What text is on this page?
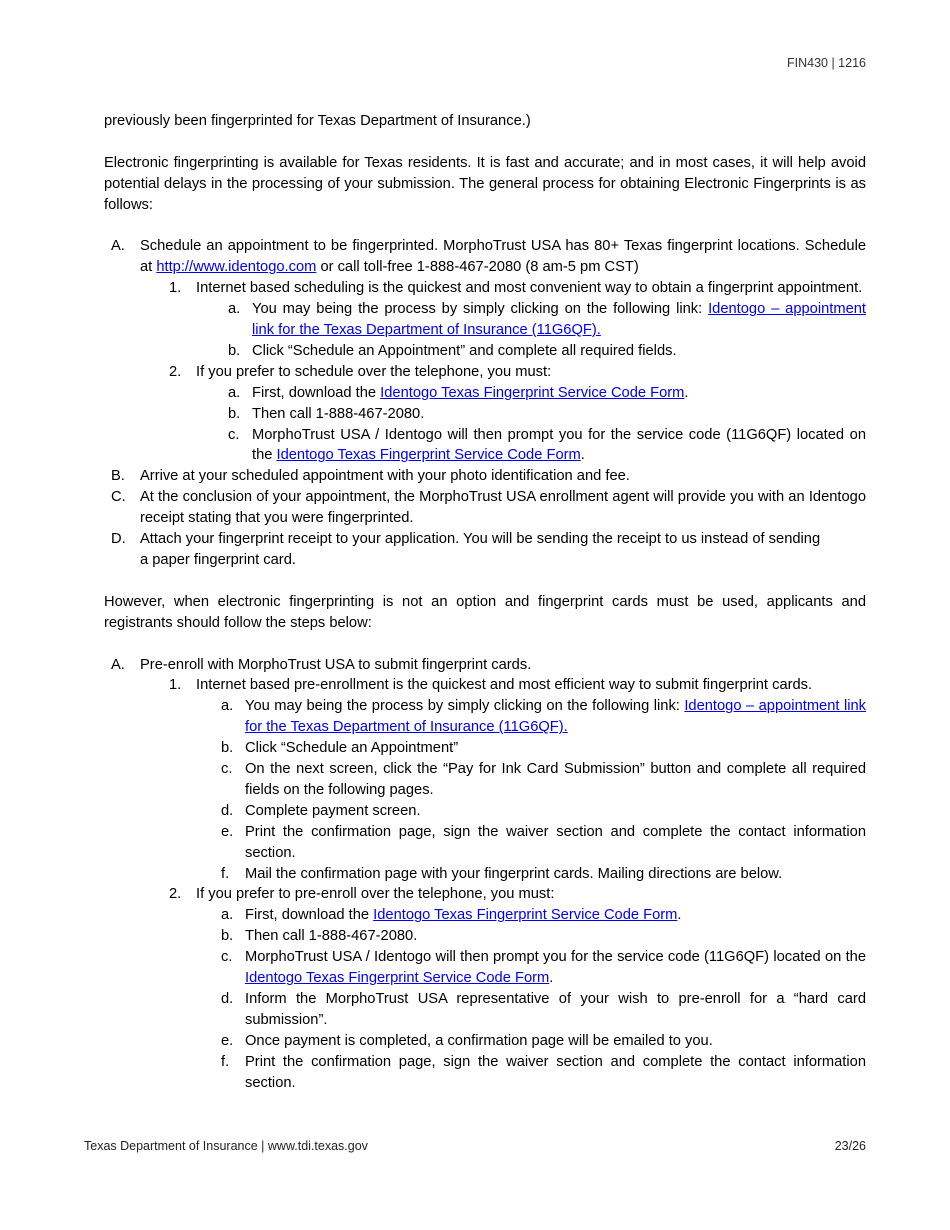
FIN430 | 1216

previously been fingerprinted for Texas Department of Insurance.)

Electronic fingerprinting is available for Texas residents. It is fast and accurate; and in most cases, it will help avoid potential delays in the processing of your submission. The general process for obtaining Electronic Fingerprints is as follows:

A. Schedule an appointment to be fingerprinted. MorphoTrust USA has 80+ Texas fingerprint locations. Schedule at http://www.identogo.com or call toll-free 1-888-467-2080 (8 am-5 pm CST)
1. Internet based scheduling is the quickest and most convenient way to obtain a fingerprint appointment.
a. You may being the process by simply clicking on the following link: Identogo – appointment link for the Texas Department of Insurance (11G6QF).
b. Click “Schedule an Appointment” and complete all required fields.
2. If you prefer to schedule over the telephone, you must:
a. First, download the Identogo Texas Fingerprint Service Code Form.
b. Then call 1-888-467-2080.
c. MorphoTrust USA / Identogo will then prompt you for the service code (11G6QF) located on the Identogo Texas Fingerprint Service Code Form.
B. Arrive at your scheduled appointment with your photo identification and fee.
C. At the conclusion of your appointment, the MorphoTrust USA enrollment agent will provide you with an Identogo receipt stating that you were fingerprinted.
D. Attach your fingerprint receipt to your application. You will be sending the receipt to us instead of sending a paper fingerprint card.

However, when electronic fingerprinting is not an option and fingerprint cards must be used, applicants and registrants should follow the steps below:

A. Pre-enroll with MorphoTrust USA to submit fingerprint cards.
1. Internet based pre-enrollment is the quickest and most efficient way to submit fingerprint cards.
a. You may being the process by simply clicking on the following link: Identogo – appointment link for the Texas Department of Insurance (11G6QF).
b. Click “Schedule an Appointment”
c. On the next screen, click the “Pay for Ink Card Submission” button and complete all required fields on the following pages.
d. Complete payment screen.
e. Print the confirmation page, sign the waiver section and complete the contact information section.
f. Mail the confirmation page with your fingerprint cards. Mailing directions are below.
2. If you prefer to pre-enroll over the telephone, you must:
a. First, download the Identogo Texas Fingerprint Service Code Form.
b. Then call 1-888-467-2080.
c. MorphoTrust USA / Identogo will then prompt you for the service code (11G6QF) located on the Identogo Texas Fingerprint Service Code Form.
d. Inform the MorphoTrust USA representative of your wish to pre-enroll for a “hard card submission”.
e. Once payment is completed, a confirmation page will be emailed to you.
f. Print the confirmation page, sign the waiver section and complete the contact information section.
Texas Department of Insurance | www.tdi.texas.gov	23/26
